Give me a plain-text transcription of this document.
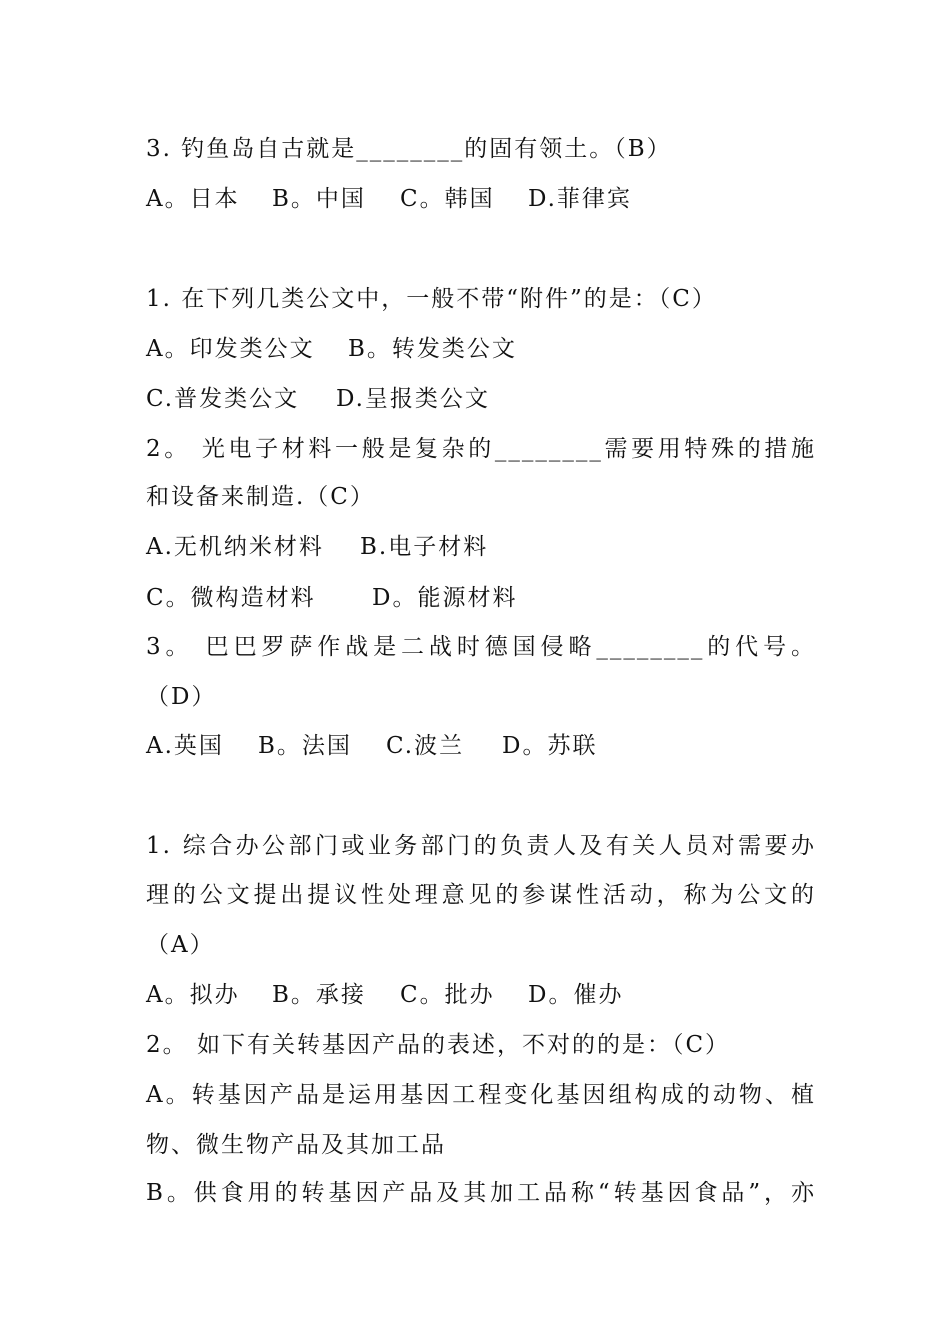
3. 钓鱼岛自古就是________的固有领土。（B）
A。日本	B。中国	C。韩国	D.菲律宾
1. 在下列几类公文中，一般不带“附件”的是：（C）
A。印发类公文	B。转发类公文
C.普发类公文	D.呈报类公文
2。 光电子材料一般是复杂的________需要用特殊的措施
和设备来制造.（C）
A.无机纳米材料	B.电子材料
C。微构造材料	D。能源材料
3。 巴巴罗萨作战是二战时德国侵略________的代号。
（D）
A.英国	B。法国	C.波兰	D。苏联
1. 综合办公部门或业务部门的负责人及有关人员对需要办
理的公文提出提议性处理意见的参谋性活动，称为公文的
（A）
A。拟办	B。承接	C。批办	D。催办
2。 如下有关转基因产品的表述，不对的的是：（C）
A。转基因产品是运用基因工程变化基因组构成的动物、植
物、微生物产品及其加工品
B。供食用的转基因产品及其加工品称“转基因食品”，亦
